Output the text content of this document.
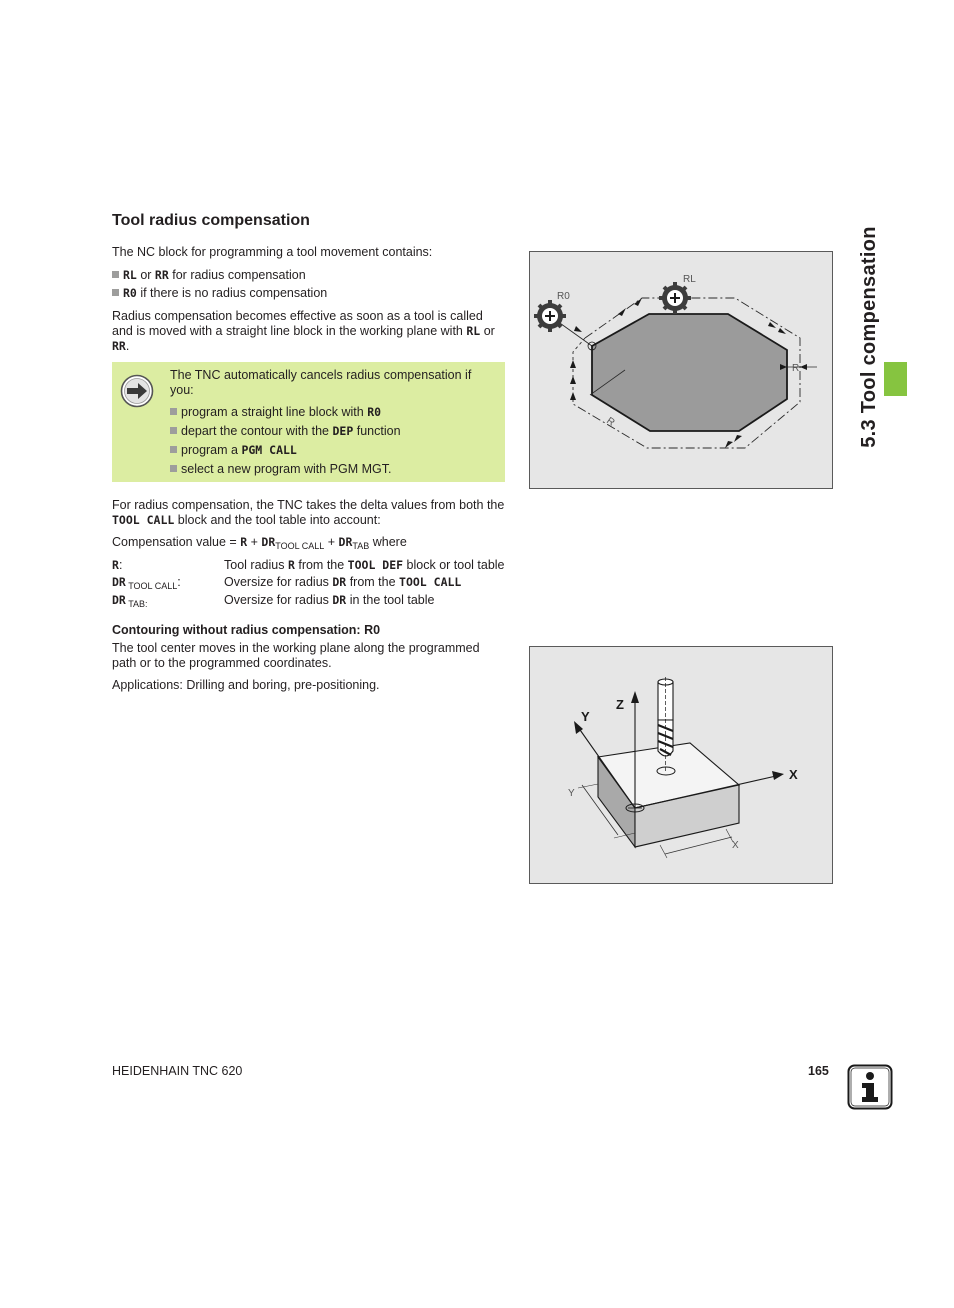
Tool radius compensation

The NC block for programming a tool movement contains:

RL or RR for radius compensation
R0 if there is no radius compensation
Radius compensation becomes effective as soon as a tool is called
and is moved with a straight line block in the working plane with RL or
RR.
The TNC automatically cancels radius compensation if
you:
program a straight line block with R0
depart the contour with the DEP function
program a PGM CALL
select a new program with PGM MGT.
For radius compensation, the TNC takes the delta values from both the
TOOL CALL block and the tool table into account:
Compensation value = $R + DR_{TOOL CALL} + DR_{TAB}$ where
R:	Tool radius R from the TOOL DEF block or tool table
DR $_{TOOL CALL}$:	Oversize for radius DR from the TOOL CALL
DR $_{TAB:}$	Oversize for radius DR in the tool table
Contouring without radius compensation: R0
The tool center moves in the working plane along the programmed
path or to the programmed coordinates.

Applications: Drilling and boring, pre-positioning.

R0
RL
R
R
Z
Y
X
Y
X
5.3 Tool compensation
HEIDENHAIN TNC 620	165
